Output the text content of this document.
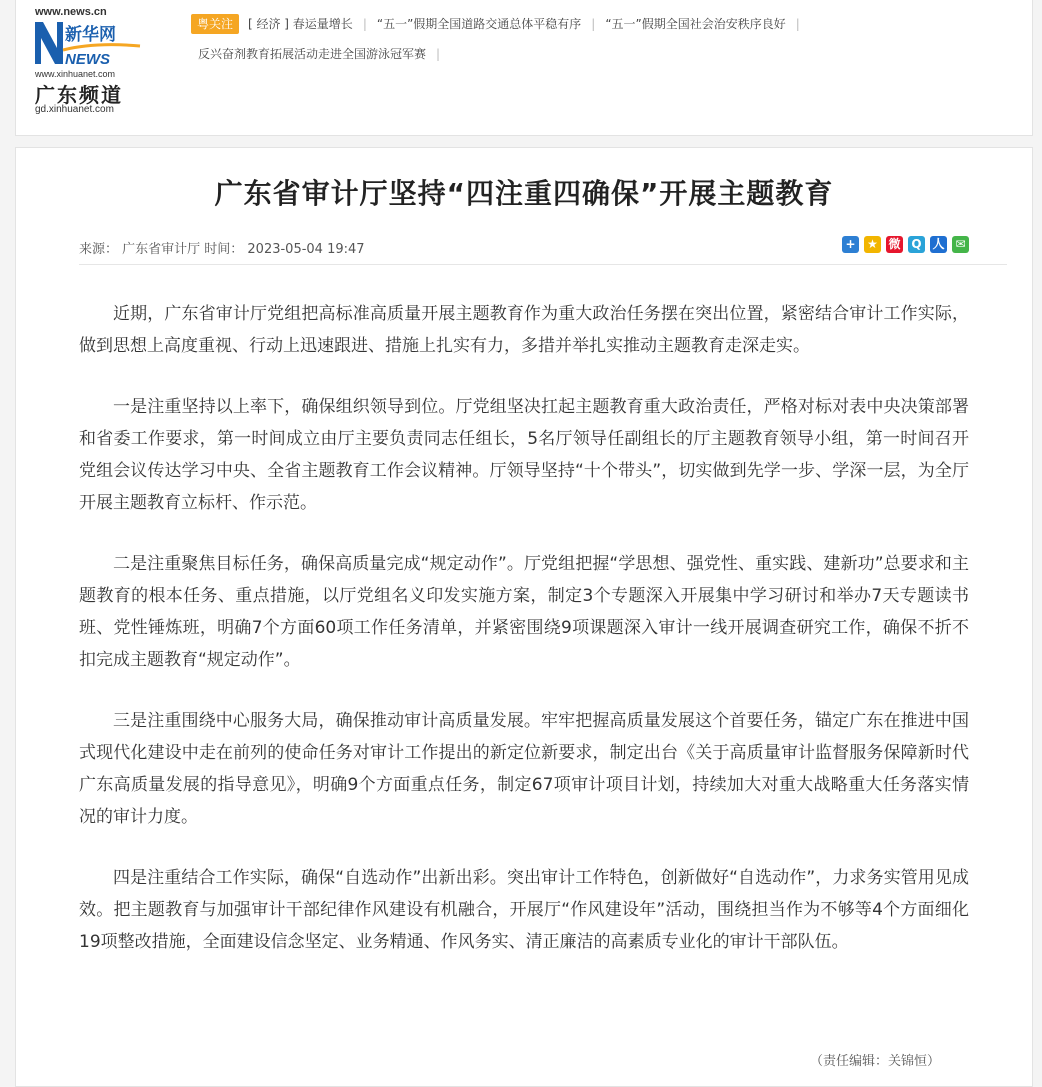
www.news.cn
新华网
NEWS
www.xinhuanet.com
广东频道
gd.xinhuanet.com
粤关注	[ 经济 ] 春运量增长 | “五一”假期全国道路交通总体平稳有序 | “五一”假期全国社会治安秩序良好 |
反兴奋剂教育拓展活动走进全国游泳冠军赛 |
广东省审计厅坚持“四注重四确保”开展主题教育
来源： 广东省审计厅 时间： 2023-05-04 19:47	+ ★ 微 Q 人 ✉

近期，广东省审计厅党组把高标准高质量开展主题教育作为重大政治任务摆在突出位置，紧密结合审计工作实际，做到思想上高度重视、行动上迅速跟进、措施上扎实有力，多措并举扎实推动主题教育走深走实。

一是注重坚持以上率下，确保组织领导到位。厅党组坚决扛起主题教育重大政治责任，严格对标对表中央决策部署和省委工作要求，第一时间成立由厅主要负责同志任组长，5名厅领导任副组长的厅主题教育领导小组，第一时间召开党组会议传达学习中央、全省主题教育工作会议精神。厅领导坚持“十个带头”，切实做到先学一步、学深一层，为全厅开展主题教育立标杆、作示范。

二是注重聚焦目标任务，确保高质量完成“规定动作”。厅党组把握“学思想、强党性、重实践、建新功”总要求和主题教育的根本任务、重点措施，以厅党组名义印发实施方案，制定3个专题深入开展集中学习研讨和举办7天专题读书班、党性锤炼班，明确7个方面60项工作任务清单，并紧密围绕9项课题深入审计一线开展调查研究工作，确保不折不扣完成主题教育“规定动作”。

三是注重围绕中心服务大局，确保推动审计高质量发展。牢牢把握高质量发展这个首要任务，锚定广东在推进中国式现代化建设中走在前列的使命任务对审计工作提出的新定位新要求，制定出台《关于高质量审计监督服务保障新时代广东高质量发展的指导意见》，明确9个方面重点任务，制定67项审计项目计划，持续加大对重大战略重大任务落实情况的审计力度。

四是注重结合工作实际，确保“自选动作”出新出彩。突出审计工作特色，创新做好“自选动作”，力求务实管用见成效。把主题教育与加强审计干部纪律作风建设有机融合，开展厅“作风建设年”活动，围绕担当作为不够等4个方面细化19项整改措施，全面建设信念坚定、业务精通、作风务实、清正廉洁的高素质专业化的审计干部队伍。

（责任编辑：关锦恒）
